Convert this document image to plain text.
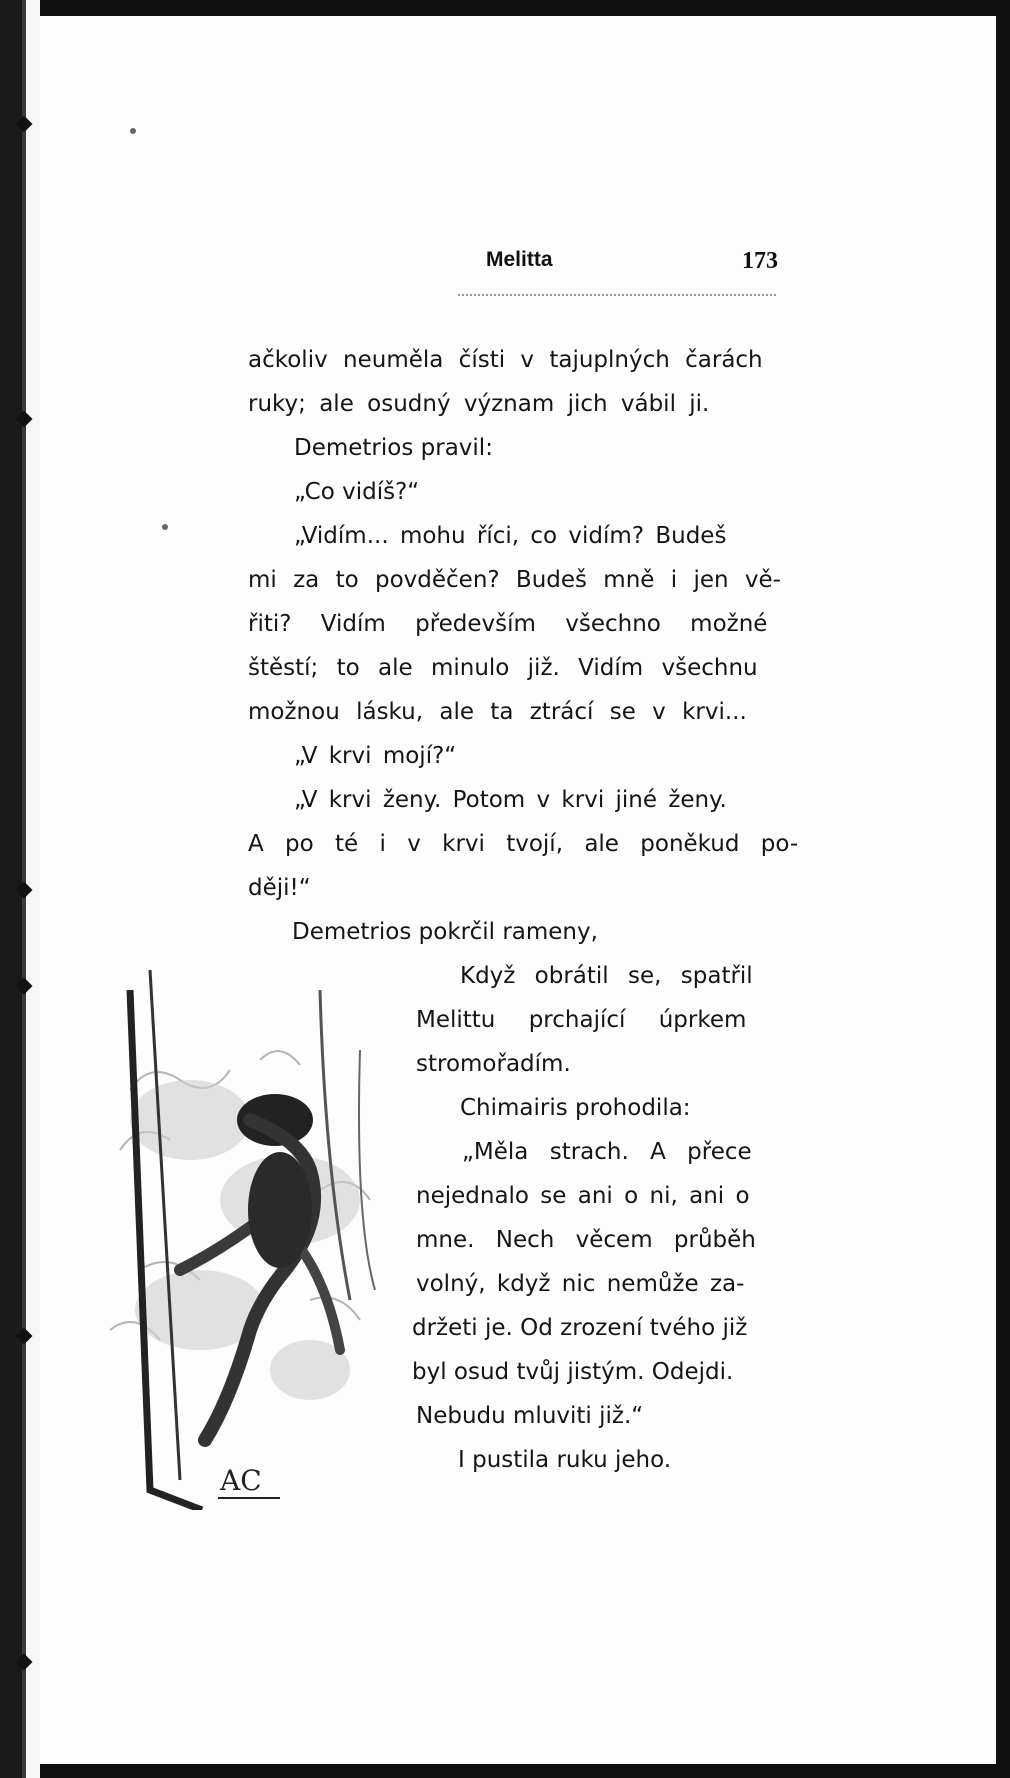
Melitta	173

ačkoliv neuměla čísti v tajuplných čarách

ruky; ale osudný význam jich vábil ji.

Demetrios pravil:

„Co vidíš?“

„Vidím... mohu říci, co vidím? Budeš

mi za to povděčen? Budeš mně i jen vě-

řiti? Vidím především všechno možné

štěstí; to ale minulo již. Vidím všechnu

možnou lásku, ale ta ztrácí se v krvi...

„V krvi mojí?“

„V krvi ženy. Potom v krvi jiné ženy.

A po té i v krvi tvojí, ale poněkud po-

ději!“

Demetrios pokrčil rameny,

Když obrátil se, spatřil

Melittu prchající úprkem

stromořadím.

Chimairis prohodila:

„Měla strach. A přece

nejednalo se ani o ni, ani o

mne. Nech věcem průběh

volný, když nic nemůže za-

držeti je. Od zrození tvého již

byl osud tvůj jistým. Odejdi.

Nebudu mluviti již.“

I pustila ruku jeho.

AC
